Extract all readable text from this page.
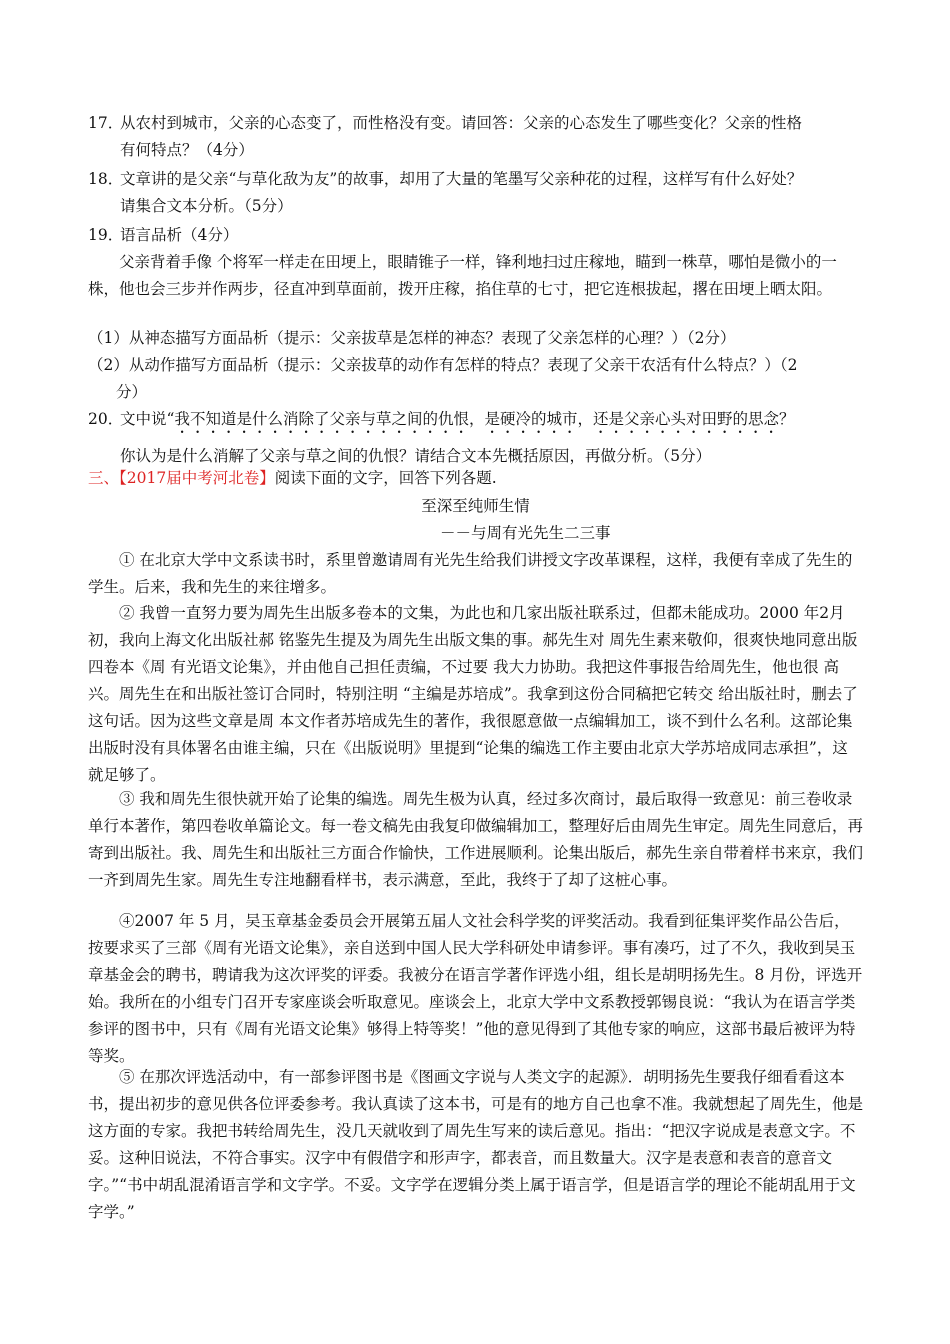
17．从农村到城市，父亲的心态变了，而性格没有变。请回答：父亲的心态发生了哪些变化？父亲的性格
有何特点？（4分）
18．文章讲的是父亲“与草化敌为友”的故事，却用了大量的笔墨写父亲种花的过程，这样写有什么好处？
请集合文本分析。（5分）
19．语言品析（4分）
父亲背着手像 个将军一样走在田埂上，眼睛锥子一样，锋利地扫过庄稼地，瞄到一株草，哪怕是微小的一株，他也会三步并作两步，径直冲到草面前，拨开庄稼，掐住草的七寸，把它连根拔起，撂在田埂上晒太阳。
（1）从神态描写方面品析（提示：父亲拔草是怎样的神态？表现了父亲怎样的心理？）（2分）
（2）从动作描写方面品析（提示：父亲拔草的动作有怎样的特点？表现了父亲干农活有什么特点？）（2
分）
20．文中说“我不知道是什么消除了父亲与草之间的仇恨，是硬冷的城市，还是父亲心头对田野的思念？
你认为是什么消解了父亲与草之间的仇恨？请结合文本先概括原因，再做分析。（5分）
三、【2017届中考河北卷】阅读下面的文字，回答下列各题.
至深至纯师生情
－－与周有光先生二三事
① 在北京大学中文系读书时，系里曾邀请周有光先生给我们讲授文字改革课程，这样，我便有幸成了先生的学生。后来，我和先生的来往增多。
② 我曾一直努力要为周先生出版多卷本的文集，为此也和几家出版社联系过，但都未能成功。2000 年2月初，我向上海文化出版社郝 铭鉴先生提及为周先生出版文集的事。郝先生对 周先生素来敬仰，很爽快地同意出版四卷本《周 有光语文论集》，并由他自己担任责编，不过要 我大力协助。我把这件事报告给周先生，他也很 高兴。周先生在和出版社签订合同时，特别注明 “主编是苏培成”。我拿到这份合同稿把它转交 给出版社时，删去了这句话。因为这些文章是周 本文作者苏培成先生的著作，我很愿意做一点编辑加工，谈不到什么名利。这部论集出版时没有具体署名由谁主编，只在《出版说明》里提到“论集的编选工作主要由北京大学苏培成同志承担”，这就足够了。
③ 我和周先生很快就开始了论集的编选。周先生极为认真，经过多次商讨，最后取得一致意见：前三卷收录单行本著作，第四卷收单篇论文。每一卷文稿先由我复印做编辑加工，整理好后由周先生审定。周先生同意后，再寄到出版社。我、周先生和出版社三方面合作愉快，工作进展顺利。论集出版后，郝先生亲自带着样书来京，我们一齐到周先生家。周先生专注地翻看样书，表示满意，至此，我终于了却了这桩心事。
④2007 年 5 月，吴玉章基金委员会开展第五届人文社会科学奖的评奖活动。我看到征集评奖作品公告后，按要求买了三部《周有光语文论集》，亲自送到中国人民大学科研处申请参评。事有凑巧，过了不久，我收到吴玉章基金会的聘书，聘请我为这次评奖的评委。我被分在语言学著作评选小组，组长是胡明扬先生。8 月份，评选开始。我所在的小组专门召开专家座谈会听取意见。座谈会上，北京大学中文系教授郭锡良说：“我认为在语言学类参评的图书中，只有《周有光语文论集》够得上特等奖！”他的意见得到了其他专家的响应，这部书最后被评为特等奖。
⑤ 在那次评选活动中，有一部参评图书是《图画文字说与人类文字的起源》．胡明扬先生要我仔细看看这本书，提出初步的意见供各位评委参考。我认真读了这本书，可是有的地方自己也拿不准。我就想起了周先生，他是这方面的专家。我把书转给周先生，没几天就收到了周先生写来的读后意见。指出：“把汉字说成是表意文字。不妥。这种旧说法，不符合事实。汉字中有假借字和形声字，都表音，而且数量大。汉字是表意和表音的意音文字。”“书中胡乱混淆语言学和文字学。不妥。文字学在逻辑分类上属于语言学，但是语言学的理论不能胡乱用于文字学。”
